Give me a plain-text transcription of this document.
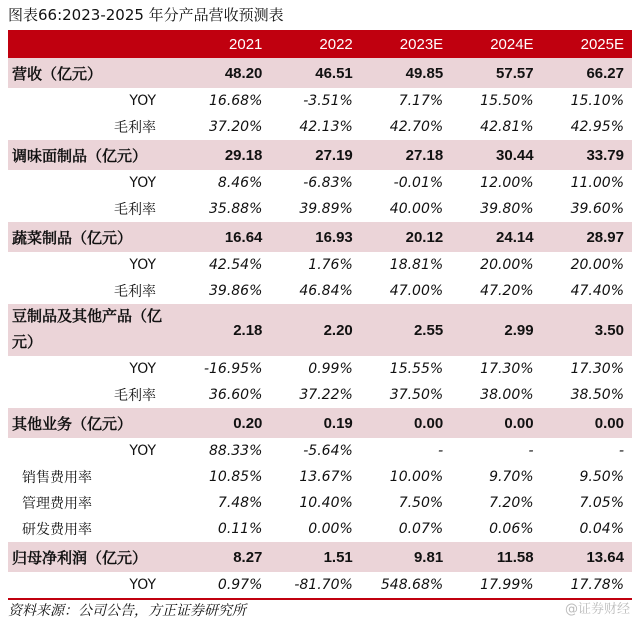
图表66:2023-2025 年分产品营收预测表
	2021	2022	2023E	2024E	2025E
营收（亿元）	48.20	46.51	49.85	57.57	66.27
YOY	16.68%	-3.51%	7.17%	15.50%	15.10%
毛利率	37.20%	42.13%	42.70%	42.81%	42.95%
调味面制品（亿元）	29.18	27.19	27.18	30.44	33.79
YOY	8.46%	-6.83%	-0.01%	12.00%	11.00%
毛利率	35.88%	39.89%	40.00%	39.80%	39.60%
蔬菜制品（亿元）	16.64	16.93	20.12	24.14	28.97
YOY	42.54%	1.76%	18.81%	20.00%	20.00%
毛利率	39.86%	46.84%	47.00%	47.20%	47.40%
豆制品及其他产品（亿元）	2.18	2.20	2.55	2.99	3.50
YOY	-16.95%	0.99%	15.55%	17.30%	17.30%
毛利率	36.60%	37.22%	37.50%	38.00%	38.50%
其他业务（亿元）	0.20	0.19	0.00	0.00	0.00
YOY	88.33%	-5.64%	-	-	-
销售费用率	10.85%	13.67%	10.00%	9.70%	9.50%
管理费用率	7.48%	10.40%	7.50%	7.20%	7.05%
研发费用率	0.11%	0.00%	0.07%	0.06%	0.04%
归母净利润（亿元）	8.27	1.51	9.81	11.58	13.64
YOY	0.97%	-81.70%	548.68%	17.99%	17.78%
资料来源：公司公告，方正证券研究所	@证券财经
